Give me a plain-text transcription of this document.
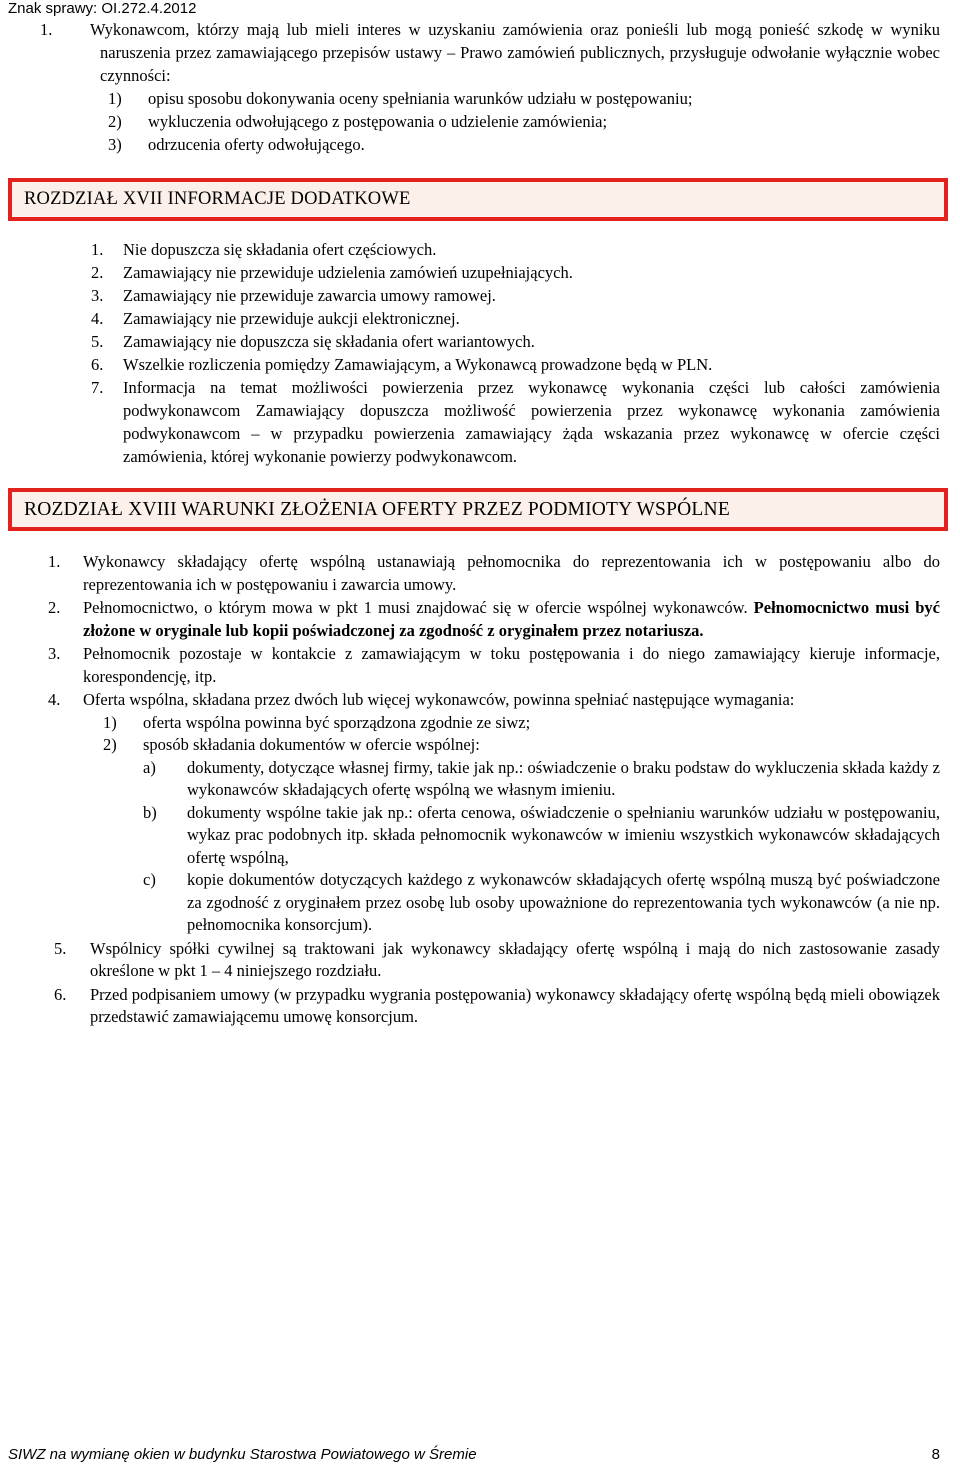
Znak sprawy: OI.272.4.2012
1. Wykonawcom, którzy mają lub mieli interes w uzyskaniu zamówienia oraz ponieśli lub mogą ponieść szkodę w wyniku naruszenia przez zamawiającego przepisów ustawy – Prawo zamówień publicznych, przysługuje odwołanie wyłącznie wobec czynności:
1) opisu sposobu dokonywania oceny spełniania warunków udziału w postępowaniu;
2) wykluczenia odwołującego z postępowania o udzielenie zamówienia;
3) odrzucenia oferty odwołującego.
ROZDZIAŁ XVII INFORMACJE DODATKOWE
1. Nie dopuszcza się składania ofert częściowych.
2. Zamawiający nie przewiduje udzielenia zamówień uzupełniających.
3. Zamawiający nie przewiduje zawarcia umowy ramowej.
4. Zamawiający nie przewiduje aukcji elektronicznej.
5. Zamawiający nie dopuszcza się składania ofert wariantowych.
6. Wszelkie rozliczenia pomiędzy Zamawiającym, a Wykonawcą prowadzone będą w PLN.
7. Informacja na temat możliwości powierzenia przez wykonawcę wykonania części lub całości zamówienia podwykonawcom Zamawiający dopuszcza możliwość powierzenia przez wykonawcę wykonania zamówienia podwykonawcom – w przypadku powierzenia zamawiający żąda wskazania przez wykonawcę w ofercie części zamówienia, której wykonanie powierzy podwykonawcom.
ROZDZIAŁ XVIII WARUNKI ZŁOŻENIA OFERTY PRZEZ PODMIOTY WSPÓLNE
1. Wykonawcy składający ofertę wspólną ustanawiają pełnomocnika do reprezentowania ich w postępowaniu albo do reprezentowania ich w postępowaniu i zawarcia umowy.
2. Pełnomocnictwo, o którym mowa w pkt 1 musi znajdować się w ofercie wspólnej wykonawców. Pełnomocnictwo musi być złożone w oryginale lub kopii poświadczonej za zgodność z oryginałem przez notariusza.
3. Pełnomocnik pozostaje w kontakcie z zamawiającym w toku postępowania i do niego zamawiający kieruje informacje, korespondencję, itp.
4. Oferta wspólna, składana przez dwóch lub więcej wykonawców, powinna spełniać następujące wymagania:
1) oferta wspólna powinna być sporządzona zgodnie ze siwz;
2) sposób składania dokumentów w ofercie wspólnej:
a) dokumenty, dotyczące własnej firmy, takie jak np.: oświadczenie o braku podstaw do wykluczenia składa każdy z wykonawców składających ofertę wspólną we własnym imieniu.
b) dokumenty wspólne takie jak np.: oferta cenowa, oświadczenie o spełnianiu warunków udziału w postępowaniu, wykaz prac podobnych itp. składa pełnomocnik wykonawców w imieniu wszystkich wykonawców składających ofertę wspólną,
c) kopie dokumentów dotyczących każdego z wykonawców składających ofertę wspólną muszą być poświadczone za zgodność z oryginałem przez osobę lub osoby upoważnione do reprezentowania tych wykonawców (a nie np. pełnomocnika konsorcjum).
5. Wspólnicy spółki cywilnej są traktowani jak wykonawcy składający ofertę wspólną i mają do nich zastosowanie zasady określone w pkt 1 – 4 niniejszego rozdziału.
6. Przed podpisaniem umowy (w przypadku wygrania postępowania) wykonawcy składający ofertę wspólną będą mieli obowiązek przedstawić zamawiającemu umowę konsorcjum.
SIWZ na wymianę okien w budynku Starostwa Powiatowego w Śremie	8
